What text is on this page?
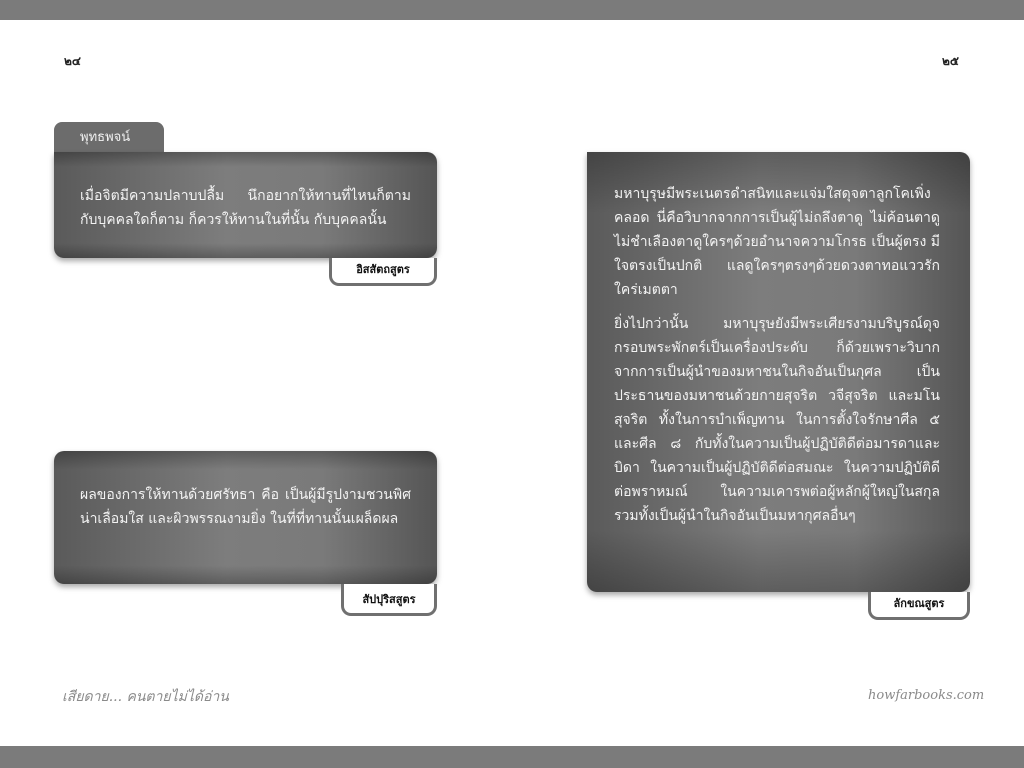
๒๔	๒๕
พุทธพจน์

เมื่อจิตมีความปลาบปลื้ม นึกอยากให้ทานที่ไหนก็ตาม กับบุคคลใดก็ตาม ก็ควรให้ทานในที่นั้น กับบุคคลนั้น

อิสสัตถสูตร

ผลของการให้ทานด้วยศรัทธา คือ เป็นผู้มีรูปงามชวนพิศ น่าเลื่อมใส และผิวพรรณงามยิ่ง ในที่ที่ทานนั้นเผล็ดผล

สัปปุริสสูตร

มหาบุรุษมีพระเนตรดำสนิทและแจ่มใสดุจตาลูกโคเพิ่งคลอด นี่คือวิบากจากการเป็นผู้ไม่ถลึงตาดู ไม่ค้อนตาดู ไม่ชำเลืองตาดูใครๆด้วยอำนาจความโกรธ เป็นผู้ตรง มีใจตรงเป็นปกติ แลดูใครๆตรงๆด้วยดวงตาทอแววรักใคร่เมตตา

ยิ่งไปกว่านั้น มหาบุรุษยังมีพระเศียรงามบริบูรณ์ดุจกรอบพระพักตร์เป็นเครื่องประดับ ก็ด้วยเพราะวิบากจากการเป็นผู้นำของมหาชนในกิจอันเป็นกุศล เป็นประธานของมหาชนด้วยกายสุจริต วจีสุจริต และมโนสุจริต ทั้งในการบำเพ็ญทาน ในการตั้งใจรักษาศีล ๕ และศีล ๘ กับทั้งในความเป็นผู้ปฏิบัติดีต่อมารดาและบิดา ในความเป็นผู้ปฏิบัติดีต่อสมณะ ในความปฏิบัติดีต่อพราหมณ์ ในความเคารพต่อผู้หลักผู้ใหญ่ในสกุล รวมทั้งเป็นผู้นำในกิจอันเป็นมหากุศลอื่นๆ

ลักขณสูตร
เสียดาย... คนตายไม่ได้อ่าน	howfarbooks.com
